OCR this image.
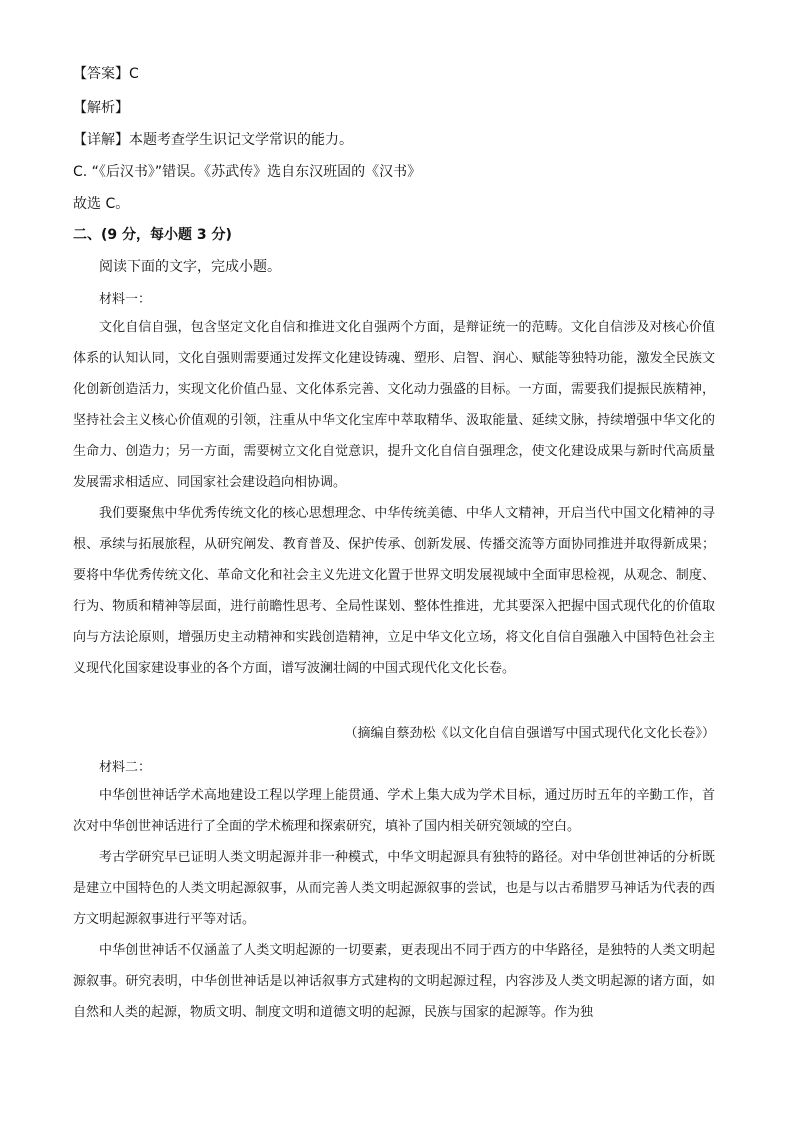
【答案】C
【解析】
【详解】本题考查学生识记文学常识的能力。
C. “《后汉书》”错误。《苏武传》选自东汉班固的《汉书》
故选 C。
二、(9 分，每小题 3 分)
阅读下面的文字，完成小题。
材料一：
文化自信自强，包含坚定文化自信和推进文化自强两个方面，是辩证统一的范畴。文化自信涉及对核心价值体系的认知认同，文化自强则需要通过发挥文化建设铸魂、塑形、启智、润心、赋能等独特功能，激发全民族文化创新创造活力，实现文化价值凸显、文化体系完善、文化动力强盛的目标。一方面，需要我们提振民族精神，坚持社会主义核心价值观的引领，注重从中华文化宝库中萃取精华、汲取能量、延续文脉，持续增强中华文化的生命力、创造力；另一方面，需要树立文化自觉意识，提升文化自信自强理念，使文化建设成果与新时代高质量发展需求相适应、同国家社会建设趋向相协调。
我们要聚焦中华优秀传统文化的核心思想理念、中华传统美德、中华人文精神，开启当代中国文化精神的寻根、承续与拓展旅程，从研究阐发、教育普及、保护传承、创新发展、传播交流等方面协同推进并取得新成果；要将中华优秀传统文化、革命文化和社会主义先进文化置于世界文明发展视域中全面审思检视，从观念、制度、行为、物质和精神等层面，进行前瞻性思考、全局性谋划、整体性推进，尤其要深入把握中国式现代化的价值取向与方法论原则，增强历史主动精神和实践创造精神，立足中华文化立场，将文化自信自强融入中国特色社会主义现代化国家建设事业的各个方面，谱写波澜壮阔的中国式现代化文化长卷。
（摘编自蔡劲松《以文化自信自强谱写中国式现代化文化长卷》）
材料二：
中华创世神话学术高地建设工程以学理上能贯通、学术上集大成为学术目标，通过历时五年的辛勤工作，首次对中华创世神话进行了全面的学术梳理和探索研究，填补了国内相关研究领域的空白。
考古学研究早已证明人类文明起源并非一种模式，中华文明起源具有独特的路径。对中华创世神话的分析既是建立中国特色的人类文明起源叙事，从而完善人类文明起源叙事的尝试，也是与以古希腊罗马神话为代表的西方文明起源叙事进行平等对话。
中华创世神话不仅涵盖了人类文明起源的一切要素，更表现出不同于西方的中华路径，是独特的人类文明起源叙事。研究表明，中华创世神话是以神话叙事方式建构的文明起源过程，内容涉及人类文明起源的诸方面，如自然和人类的起源，物质文明、制度文明和道德文明的起源，民族与国家的起源等。作为独
